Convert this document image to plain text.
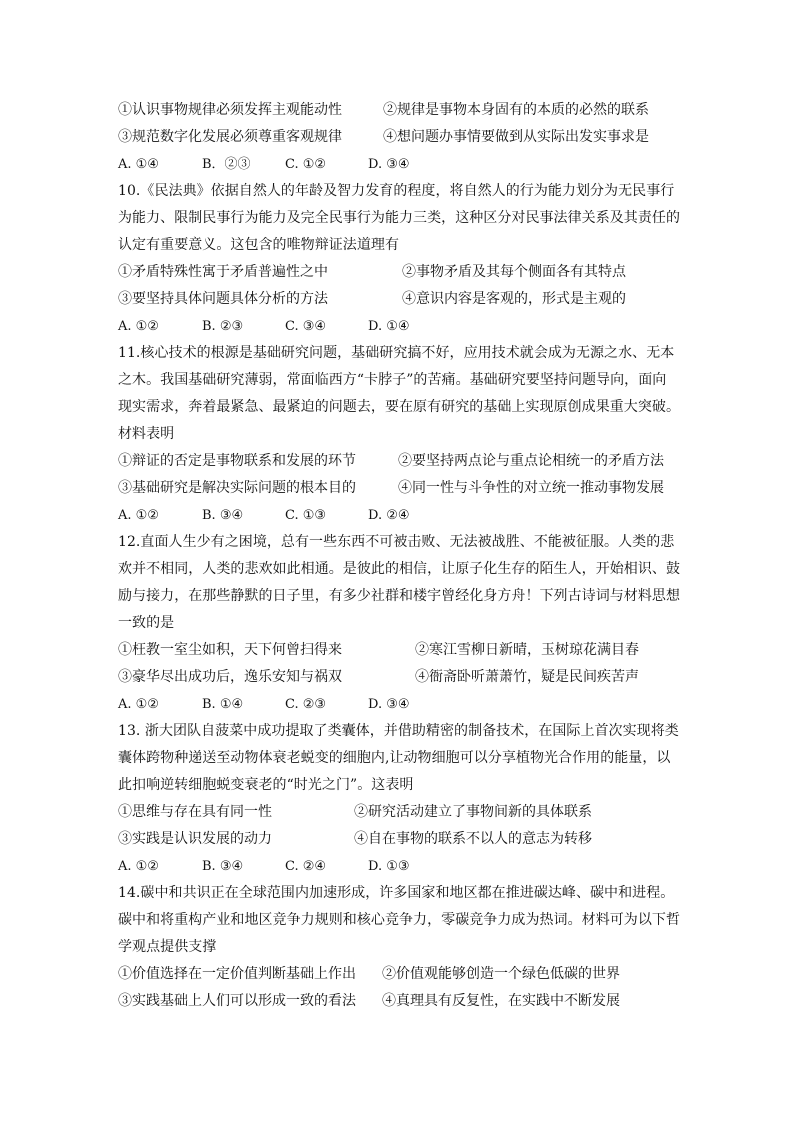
①认识事物规律必须发挥主观能动性	②规律是事物本身固有的本质的必然的联系
③规范数字化发展必须尊重客观规律	④想问题办事情要做到从实际出发实事求是
A. ①④	B．②③	C. ①②	D. ③④
10.《民法典》依据自然人的年龄及智力发育的程度，将自然人的行为能力划分为无民事行
为能力、限制民事行为能力及完全民事行为能力三类，这种区分对民事法律关系及其责任的
认定有重要意义。这包含的唯物辩证法道理有
①矛盾特殊性寓于矛盾普遍性之中	②事物矛盾及其每个侧面各有其特点
③要坚持具体问题具体分析的方法	④意识内容是客观的，形式是主观的
A. ①②	B. ②③	C. ③④	D. ①④
11.核心技术的根源是基础研究问题，基础研究搞不好，应用技术就会成为无源之水、无本
之木。我国基础研究薄弱，常面临西方“卡脖子”的苦痛。基础研究要坚持问题导向，面向
现实需求，奔着最紧急、最紧迫的问题去，要在原有研究的基础上实现原创成果重大突破。
材料表明
①辩证的否定是事物联系和发展的环节	②要坚持两点论与重点论相统一的矛盾方法
③基础研究是解决实际问题的根本目的	④同一性与斗争性的对立统一推动事物发展
A. ①②	B. ③④	C. ①③	D. ②④
12.直面人生少有之困境，总有一些东西不可被击败、无法被战胜、不能被征服。人类的悲
欢并不相同，人类的悲欢如此相通。是彼此的相信，让原子化生存的陌生人，开始相识、鼓
励与接力，在那些静默的日子里，有多少社群和楼宇曾经化身方舟！下列古诗词与材料思想
一致的是
①枉教一室尘如积，天下何曾扫得来	②寒江雪柳日新晴，玉树琼花满目春
③豪华尽出成功后，逸乐安知与祸双	④衙斋卧听萧萧竹，疑是民间疾苦声
A. ①②	B. ①④	C. ②③	D. ③④
13. 浙大团队自菠菜中成功提取了类囊体，并借助精密的制备技术，在国际上首次实现将类
囊体跨物种递送至动物体衰老蜕变的细胞内,让动物细胞可以分享植物光合作用的能量，以
此扣响逆转细胞蜕变衰老的“时光之门”。这表明
①思维与存在具有同一性	②研究活动建立了事物间新的具体联系
③实践是认识发展的动力	④自在事物的联系不以人的意志为转移
A. ①②	B. ③④	C. ②④	D. ①③
14.碳中和共识正在全球范围内加速形成，许多国家和地区都在推进碳达峰、碳中和进程。
碳中和将重构产业和地区竞争力规则和核心竞争力，零碳竞争力成为热词。材料可为以下哲
学观点提供支撑
①价值选择在一定价值判断基础上作出	②价值观能够创造一个绿色低碳的世界
③实践基础上人们可以形成一致的看法	④真理具有反复性，在实践中不断发展
